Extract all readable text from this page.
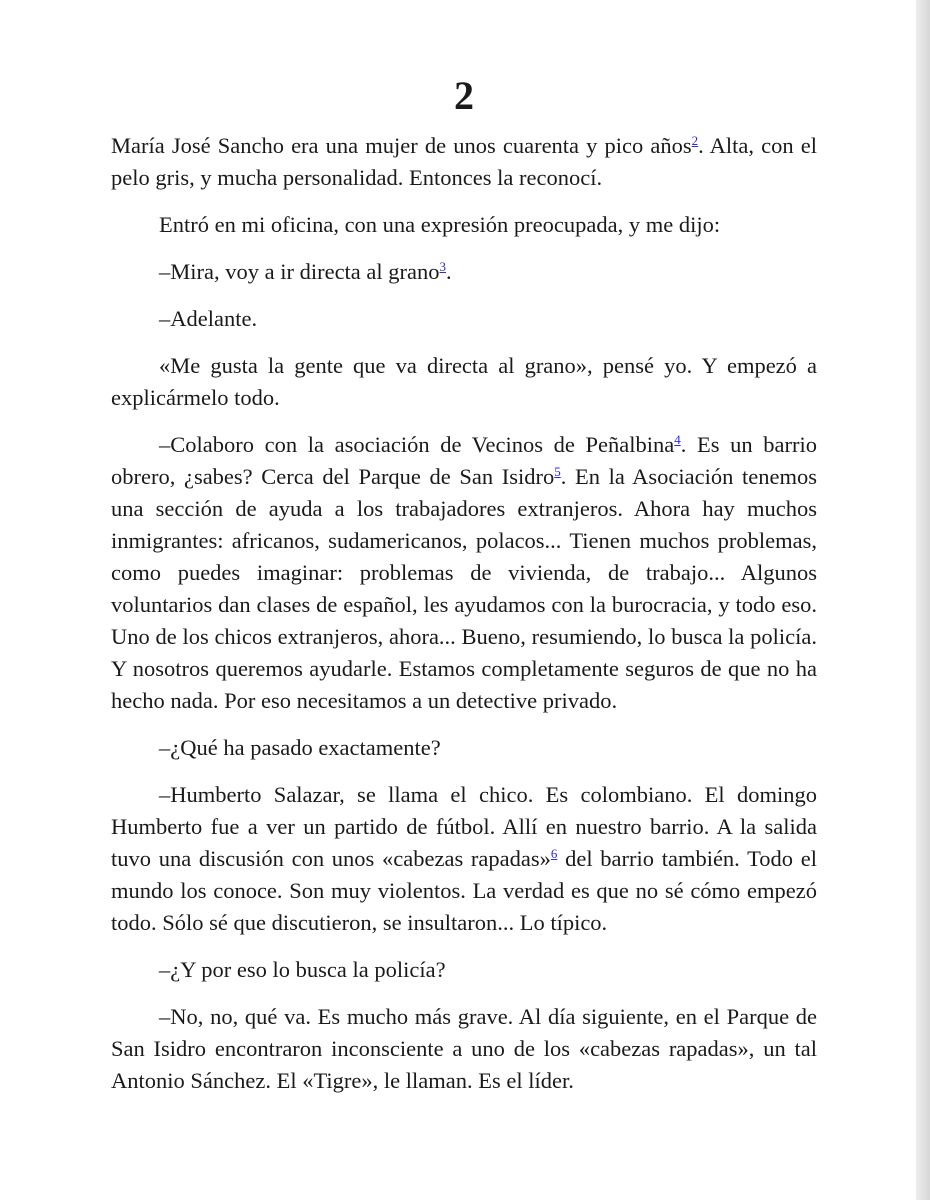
2

María José Sancho era una mujer de unos cuarenta y pico años$^2$. Alta, con el pelo gris, y mucha personalidad. Entonces la reconocí.

Entró en mi oficina, con una expresión preocupada, y me dijo:

–Mira, voy a ir directa al grano$^3$.

–Adelante.

«Me gusta la gente que va directa al grano», pensé yo. Y empezó a explicármelo todo.

–Colaboro con la asociación de Vecinos de Peñalbina$^4$. Es un barrio obrero, ¿sabes? Cerca del Parque de San Isidro$^5$. En la Asociación tenemos una sección de ayuda a los trabajadores extranjeros. Ahora hay muchos inmigrantes: africanos, sudamericanos, polacos... Tienen muchos problemas, como puedes imaginar: problemas de vivienda, de trabajo... Algunos voluntarios dan clases de español, les ayudamos con la burocracia, y todo eso. Uno de los chicos extranjeros, ahora... Bueno, resumiendo, lo busca la policía. Y nosotros queremos ayudarle. Estamos completamente seguros de que no ha hecho nada. Por eso necesitamos a un detective privado.

–¿Qué ha pasado exactamente?

–Humberto Salazar, se llama el chico. Es colombiano. El domingo Humberto fue a ver un partido de fútbol. Allí en nuestro barrio. A la salida tuvo una discusión con unos «cabezas rapadas»$^6$ del barrio también. Todo el mundo los conoce. Son muy violentos. La verdad es que no sé cómo empezó todo. Sólo sé que discutieron, se insultaron... Lo típico.

–¿Y por eso lo busca la policía?

–No, no, qué va. Es mucho más grave. Al día siguiente, en el Parque de San Isidro encontraron inconsciente a uno de los «cabezas rapadas», un tal Antonio Sánchez. El «Tigre», le llaman. Es el líder.
